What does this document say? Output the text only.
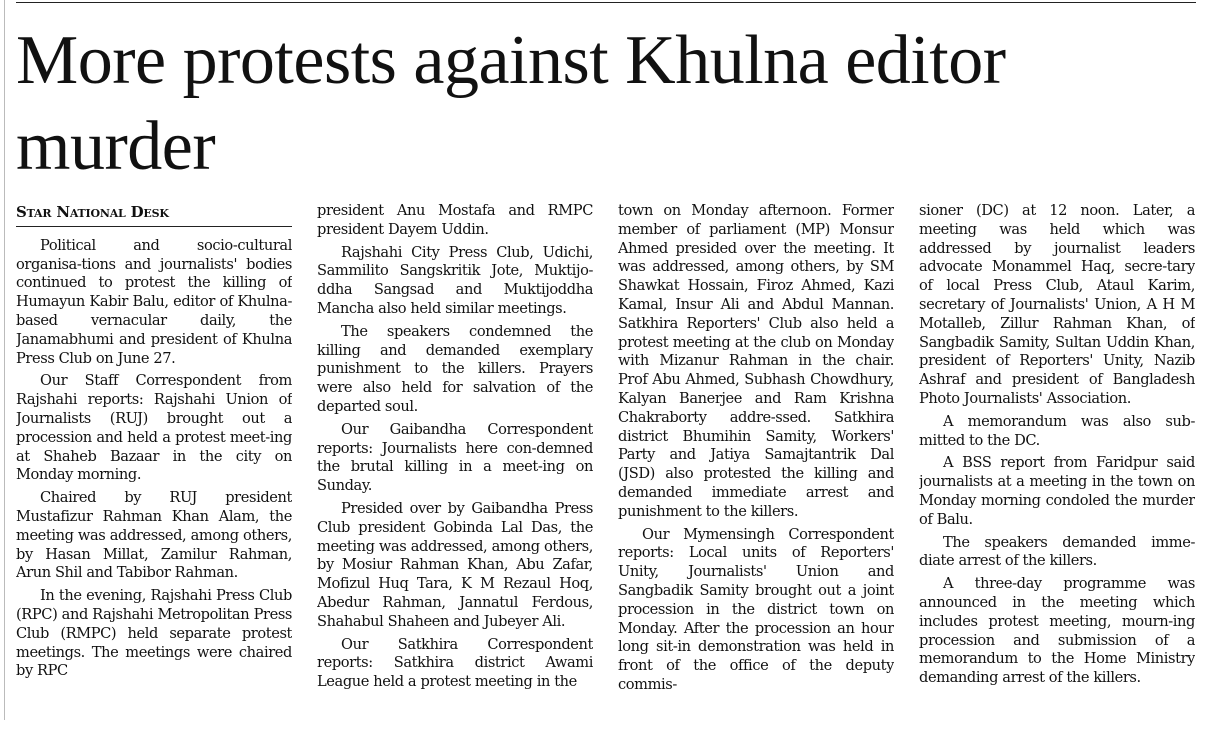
More protests against Khulna editor murder
Star National Desk

Political and socio-cultural organisa-tions and journalists' bodies continued to protest the killing of Humayun Kabir Balu, editor of Khulna-based vernacular daily, the Janamabhumi and president of Khulna Press Club on June 27.

Our Staff Correspondent from Rajshahi reports: Rajshahi Union of Journalists (RUJ) brought out a procession and held a protest meet-ing at Shaheb Bazaar in the city on Monday morning.

Chaired by RUJ president Mustafizur Rahman Khan Alam, the meeting was addressed, among others, by Hasan Millat, Zamilur Rahman, Arun Shil and Tabibor Rahman.

In the evening, Rajshahi Press Club (RPC) and Rajshahi Metropolitan Press Club (RMPC) held separate protest meetings. The meetings were chaired by RPC

president Anu Mostafa and RMPC president Dayem Uddin.

Rajshahi City Press Club, Udichi, Sammilito Sangskritik Jote, Muktijo-ddha Sangsad and Muktijoddha Mancha also held similar meetings.

The speakers condemned the killing and demanded exemplary punishment to the killers. Prayers were also held for salvation of the departed soul.

Our Gaibandha Correspondent reports: Journalists here con-demned the brutal killing in a meet-ing on Sunday.

Presided over by Gaibandha Press Club president Gobinda Lal Das, the meeting was addressed, among others, by Mosiur Rahman Khan, Abu Zafar, Mofizul Huq Tara, K M Rezaul Hoq, Abedur Rahman, Jannatul Ferdous, Shahabul Shaheen and Jubeyer Ali.

Our Satkhira Correspondent reports: Satkhira district Awami League held a protest meeting in the

town on Monday afternoon. Former member of parliament (MP) Monsur Ahmed presided over the meeting. It was addressed, among others, by SM Shawkat Hossain, Firoz Ahmed, Kazi Kamal, Insur Ali and Abdul Mannan. Satkhira Reporters' Club also held a protest meeting at the club on Monday with Mizanur Rahman in the chair. Prof Abu Ahmed, Subhash Chowdhury, Kalyan Banerjee and Ram Krishna Chakraborty addre-ssed. Satkhira district Bhumihin Samity, Workers' Party and Jatiya Samajtantrik Dal (JSD) also protested the killing and demanded immediate arrest and punishment to the killers.

Our Mymensingh Correspondent reports: Local units of Reporters' Unity, Journalists' Union and Sangbadik Samity brought out a joint procession in the district town on Monday. After the procession an hour long sit-in demonstration was held in front of the office of the deputy commis-

sioner (DC) at 12 noon. Later, a meeting was held which was addressed by journalist leaders advocate Monammel Haq, secre-tary of local Press Club, Ataul Karim, secretary of Journalists' Union, A H M Motalleb, Zillur Rahman Khan, of Sangbadik Samity, Sultan Uddin Khan, president of Reporters' Unity, Nazib Ashraf and president of Bangladesh Photo Journalists' Association.

A memorandum was also sub-mitted to the DC.

A BSS report from Faridpur said journalists at a meeting in the town on Monday morning condoled the murder of Balu.

The speakers demanded imme-diate arrest of the killers.

A three-day programme was announced in the meeting which includes protest meeting, mourn-ing procession and submission of a memorandum to the Home Ministry demanding arrest of the killers.
